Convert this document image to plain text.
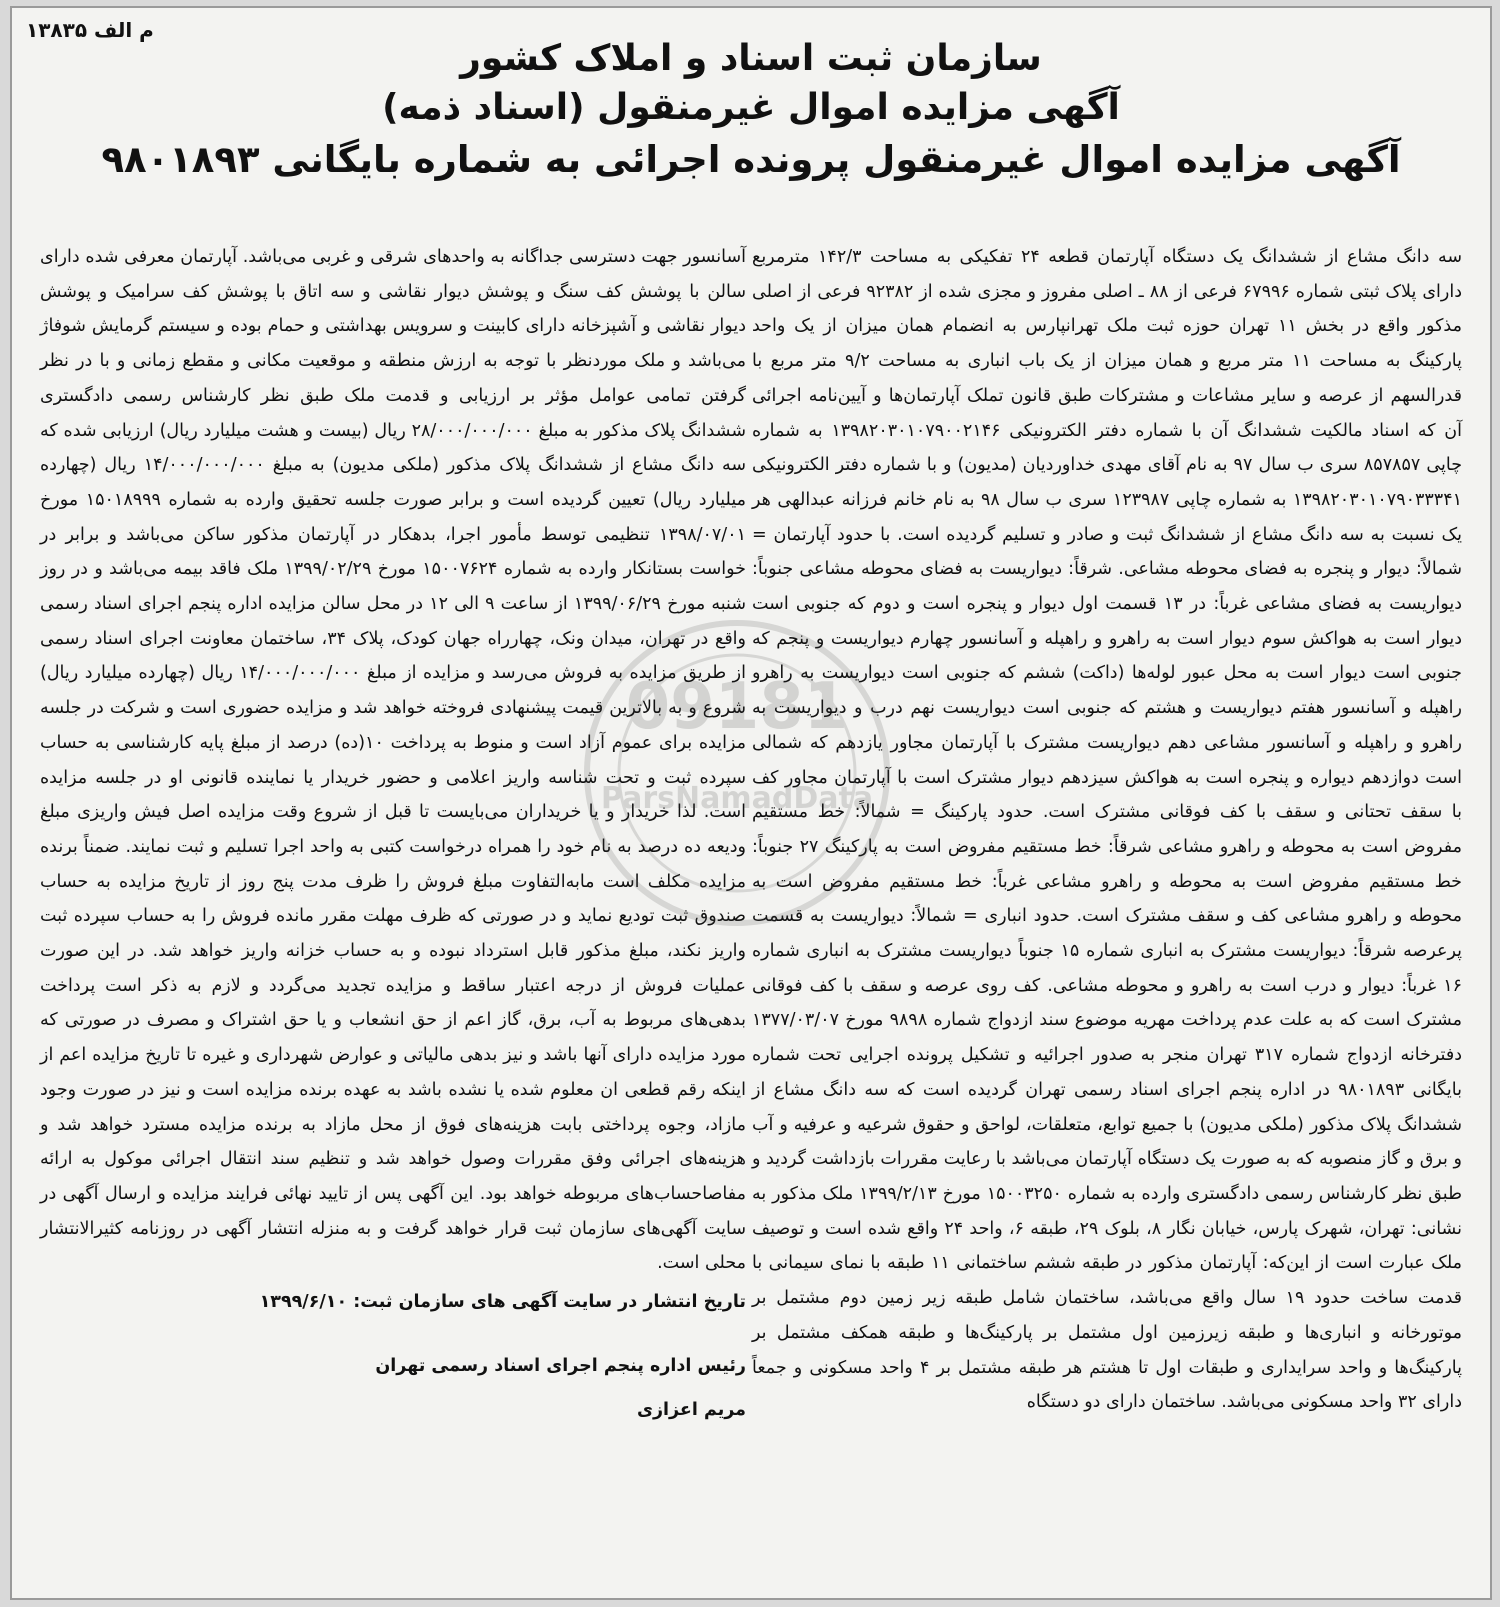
م الف ۱۳۸۳۵
سازمان ثبت اسناد و املاک کشور
آگهی مزایده اموال غیرمنقول (اسناد ذمه)
آگهی مزایده اموال غیرمنقول پرونده اجرائی به شماره بایگانی ۹۸۰۱۸۹۳

سه دانگ مشاع از ششدانگ یک دستگاه آپارتمان قطعه ۲۴ تفکیکی به مساحت ۱۴۲/۳ مترمربع دارای پلاک ثبتی شماره ۶۷۹۹۶ فرعی از ۸۸ ـ اصلی مفروز و مجزی شده از ۹۲۳۸۲ فرعی از اصلی مذکور واقع در بخش ۱۱ تهران حوزه ثبت ملک تهرانپارس به انضمام همان میزان از یک واحد پارکینگ به مساحت ۱۱ متر مربع و همان میزان از یک باب انباری به مساحت ۹/۲ متر مربع با قدرالسهم از عرصه و سایر مشاعات و مشترکات طبق قانون تملک آپارتمان‌ها و آیین‌نامه اجرائی آن که اسناد مالکیت ششدانگ آن با شماره دفتر الکترونیکی ۱۳۹۸۲۰۳۰۱۰۷۹۰۰۲۱۴۶ به شماره چاپی ۸۵۷۸۵۷ سری ب سال ۹۷ به نام آقای مهدی خداوردیان (مدیون) و با شماره دفتر الکترونیکی ۱۳۹۸۲۰۳۰۱۰۷۹۰۳۳۳۴۱ به شماره چاپی ۱۲۳۹۸۷ سری ب سال ۹۸ به نام خانم فرزانه عبدالهی هر یک نسبت به سه دانگ مشاع از ششدانگ ثبت و صادر و تسلیم گردیده است. با حدود آپارتمان = شمالاً: دیوار و پنجره به فضای محوطه مشاعی. شرقاً: دیواریست به فضای محوطه مشاعی جنوباً: دیواریست به فضای مشاعی غرباً: در ۱۳ قسمت اول دیوار و پنجره است و دوم که جنوبی است دیوار است به هواکش سوم دیوار است به راهرو و راهپله و آسانسور چهارم دیواریست و پنجم که جنوبی است دیوار است به محل عبور لوله‌ها (داکت) ششم که جنوبی است دیواریست به راهرو راهپله و آسانسور هفتم دیواریست و هشتم که جنوبی است دیواریست نهم درب و دیواریست به راهرو و راهپله و آسانسور مشاعی دهم دیواریست مشترک با آپارتمان مجاور یازدهم که شمالی است دوازدهم دیواره و پنجره است به هواکش سیزدهم دیوار مشترک است با آپارتمان مجاور کف با سقف تحتانی و سقف با کف فوقانی مشترک است. حدود پارکینگ = شمالاً: خط مستقیم مفروض است به محوطه و راهرو مشاعی شرقاً: خط مستقیم مفروض است به پارکینگ ۲۷ جنوباً: خط مستقیم مفروض است به محوطه و راهرو مشاعی غرباً: خط مستقیم مفروض است به محوطه و راهرو مشاعی کف و سقف مشترک است. حدود انباری = شمالاً: دیواریست به قسمت پرعرصه شرقاً: دیواریست مشترک به انباری شماره ۱۵ جنوباً دیواریست مشترک به انباری شماره ۱۶ غرباً: دیوار و درب است به راهرو و محوطه مشاعی. کف روی عرصه و سقف با کف فوقانی مشترک است که به علت عدم پرداخت مهریه موضوع سند ازدواج شماره ۹۸۹۸ مورخ ۱۳۷۷/۰۳/۰۷ دفترخانه ازدواج شماره ۳۱۷ تهران منجر به صدور اجرائیه و تشکیل پرونده اجرایی تحت شماره بایگانی ۹۸۰۱۸۹۳ در اداره پنجم اجرای اسناد رسمی تهران گردیده است که سه دانگ مشاع از ششدانگ پلاک مذکور (ملکی مدیون) با جمیع توابع، متعلقات، لواحق و حقوق شرعیه و عرفیه و آب و برق و گاز منصوبه که به صورت یک دستگاه آپارتمان می‌باشد با رعایت مقررات بازداشت گردید و طبق نظر کارشناس رسمی دادگستری وارده به شماره ۱۵۰۰۳۲۵۰ مورخ ۱۳۹۹/۲/۱۳ ملک مذکور به نشانی: تهران، شهرک پارس، خیابان نگار ۸، بلوک ۲۹، طبقه ۶، واحد ۲۴ واقع شده است و توصیف ملک عبارت است از این‌که: آپارتمان مذکور در طبقه ششم ساختمانی ۱۱ طبقه با نمای سیمانی با قدمت ساخت حدود ۱۹ سال واقع می‌باشد، ساختمان شامل طبقه زیر زمین دوم مشتمل بر موتورخانه و انباری‌ها و طبقه زیرزمین اول مشتمل بر پارکینگ‌ها و طبقه همکف مشتمل بر پارکینگ‌ها و واحد سرایداری و طبقات اول تا هشتم هر طبقه مشتمل بر ۴ واحد مسکونی و جمعاً دارای ۳۲ واحد مسکونی می‌باشد. ساختمان دارای دو دستگاه

آسانسور جهت دسترسی جداگانه به واحدهای شرقی و غربی می‌باشد. آپارتمان معرفی شده دارای سالن با پوشش کف سنگ و پوشش دیوار نقاشی و سه اتاق با پوشش کف سرامیک و پوشش دیوار نقاشی و آشپزخانه دارای کابینت و سرویس بهداشتی و حمام بوده و سیستم گرمایش شوفاژ می‌باشد و ملک موردنظر با توجه به ارزش منطقه و موقعیت مکانی و مقطع زمانی و با در نظر گرفتن تمامی عوامل مؤثر بر ارزیابی و قدمت ملک طبق نظر کارشناس رسمی دادگستری ششدانگ پلاک مذکور به مبلغ ۲۸/۰۰۰/۰۰۰/۰۰۰ ریال (بیست و هشت میلیارد ریال) ارزیابی شده که سه دانگ مشاع از ششدانگ پلاک مذکور (ملکی مدیون) به مبلغ ۱۴/۰۰۰/۰۰۰/۰۰۰ ریال (چهارده میلیارد ریال) تعیین گردیده است و برابر صورت جلسه تحقیق وارده به شماره ۱۵۰۱۸۹۹۹ مورخ ۱۳۹۸/۰۷/۰۱ تنظیمی توسط مأمور اجرا، بدهکار در آپارتمان مذکور ساکن می‌باشد و برابر در خواست بستانکار وارده به شماره ۱۵۰۰۷۶۲۴ مورخ ۱۳۹۹/۰۲/۲۹ ملک فاقد بیمه می‌باشد و در روز شنبه مورخ ۱۳۹۹/۰۶/۲۹ از ساعت ۹ الی ۱۲ در محل سالن مزایده اداره پنجم اجرای اسناد رسمی واقع در تهران، میدان ونک، چهارراه جهان کودک، پلاک ۳۴، ساختمان معاونت اجرای اسناد رسمی از طریق مزایده به فروش می‌رسد و مزایده از مبلغ ۱۴/۰۰۰/۰۰۰/۰۰۰ ریال (چهارده میلیارد ریال) شروع و به بالاترین قیمت پیشنهادی فروخته خواهد شد و مزایده حضوری است و شرکت در جلسه مزایده برای عموم آزاد است و منوط به پرداخت ۱۰(ده) درصد از مبلغ پایه کارشناسی به حساب سپرده ثبت و تحت شناسه واریز اعلامی و حضور خریدار یا نماینده قانونی او در جلسه مزایده است. لذا خریدار و یا خریداران می‌بایست تا قبل از شروع وقت مزایده اصل فیش واریزی مبلغ ودیعه ده درصد به نام خود را همراه درخواست کتبی به واحد اجرا تسلیم و ثبت نمایند. ضمناً برنده مزایده مکلف است مابه‌التفاوت مبلغ فروش را ظرف مدت پنج روز از تاریخ مزایده به حساب صندوق ثبت تودیع نماید و در صورتی که ظرف مهلت مقرر مانده فروش را به حساب سپرده ثبت واریز نکند، مبلغ مذکور قابل استرداد نبوده و به حساب خزانه واریز خواهد شد. در این صورت عملیات فروش از درجه اعتبار ساقط و مزایده تجدید می‌گردد و لازم به ذکر است پرداخت بدهی‌های مربوط به آب، برق، گاز اعم از حق انشعاب و یا حق اشتراک و مصرف در صورتی که مورد مزایده دارای آنها باشد و نیز بدهی مالیاتی و عوارض شهرداری و غیره تا تاریخ مزایده اعم از اینکه رقم قطعی ان معلوم شده یا نشده باشد به عهده برنده مزایده است و نیز در صورت وجود مازاد، وجوه پرداختی بابت هزینه‌های فوق از محل مازاد به برنده مزایده مسترد خواهد شد و هزینه‌های اجرائی وفق مقررات وصول خواهد شد و تنظیم سند انتقال اجرائی موکول به ارائه مفاصاحساب‌های مربوطه خواهد بود. این آگهی پس از تایید نهائی فرایند مزایده و ارسال آگهی در سایت آگهی‌های سازمان ثبت قرار خواهد گرفت و به منزله انتشار آگهی در روزنامه کثیرالانتشار محلی است.

تاریخ انتشار در سایت آگهی های سازمان ثبت: ۱۳۹۹/۶/۱۰
رئیس اداره پنجم اجرای اسناد رسمی تهران
مریم اعزازی
09181
ParsNamadData
